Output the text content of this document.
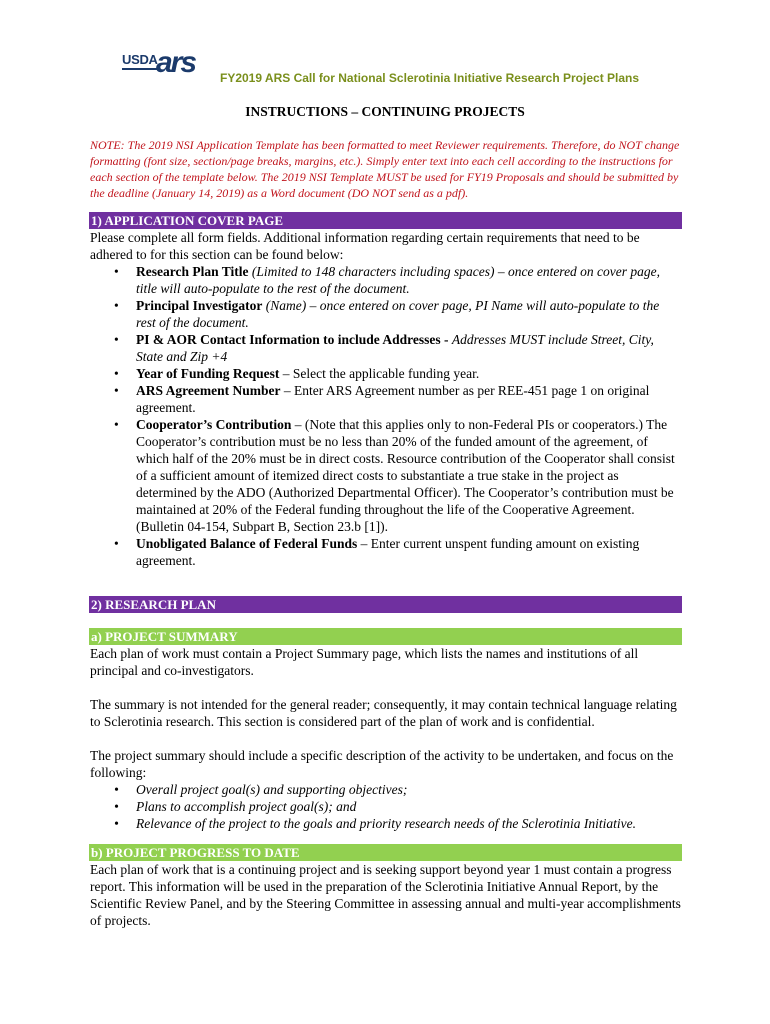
USDA
ars FY2019 ARS Call for National Sclerotinia Initiative Research Project Plans
INSTRUCTIONS – CONTINUING PROJECTS
NOTE: The 2019 NSI Application Template has been formatted to meet Reviewer requirements. Therefore, do NOT change formatting (font size, section/page breaks, margins, etc.). Simply enter text into each cell according to the instructions for each section of the template below. The 2019 NSI Template MUST be used for FY19 Proposals and should be submitted by the deadline (January 14, 2019) as a Word document (DO NOT send as a pdf).
1) APPLICATION COVER PAGE

Please complete all form fields. Additional information regarding certain requirements that need to be adhered to for this section can be found below:

• Research Plan Title (Limited to 148 characters including spaces) – once entered on cover page, title will auto-populate to the rest of the document.
• Principal Investigator (Name) – once entered on cover page, PI Name will auto-populate to the rest of the document.
• PI & AOR Contact Information to include Addresses - Addresses MUST include Street, City, State and Zip +4
• Year of Funding Request – Select the applicable funding year.
• ARS Agreement Number – Enter ARS Agreement number as per REE-451 page 1 on original agreement.
• Cooperator’s Contribution – (Note that this applies only to non-Federal PIs or cooperators.) The Cooperator’s contribution must be no less than 20% of the funded amount of the agreement, of which half of the 20% must be in direct costs. Resource contribution of the Cooperator shall consist of a sufficient amount of itemized direct costs to substantiate a true stake in the project as determined by the ADO (Authorized Departmental Officer). The Cooperator’s contribution must be maintained at 20% of the Federal funding throughout the life of the Cooperative Agreement. (Bulletin 04-154, Subpart B, Section 23.b [1]).
• Unobligated Balance of Federal Funds – Enter current unspent funding amount on existing agreement.
2) RESEARCH PLAN
a) PROJECT SUMMARY

Each plan of work must contain a Project Summary page, which lists the names and institutions of all principal and co-investigators.

The summary is not intended for the general reader; consequently, it may contain technical language relating to Sclerotinia research. This section is considered part of the plan of work and is confidential.

The project summary should include a specific description of the activity to be undertaken, and focus on the following:

• Overall project goal(s) and supporting objectives;
• Plans to accomplish project goal(s); and
• Relevance of the project to the goals and priority research needs of the Sclerotinia Initiative.
b) PROJECT PROGRESS TO DATE

Each plan of work that is a continuing project and is seeking support beyond year 1 must contain a progress report. This information will be used in the preparation of the Sclerotinia Initiative Annual Report, by the Scientific Review Panel, and by the Steering Committee in assessing annual and multi-year accomplishments of projects.
